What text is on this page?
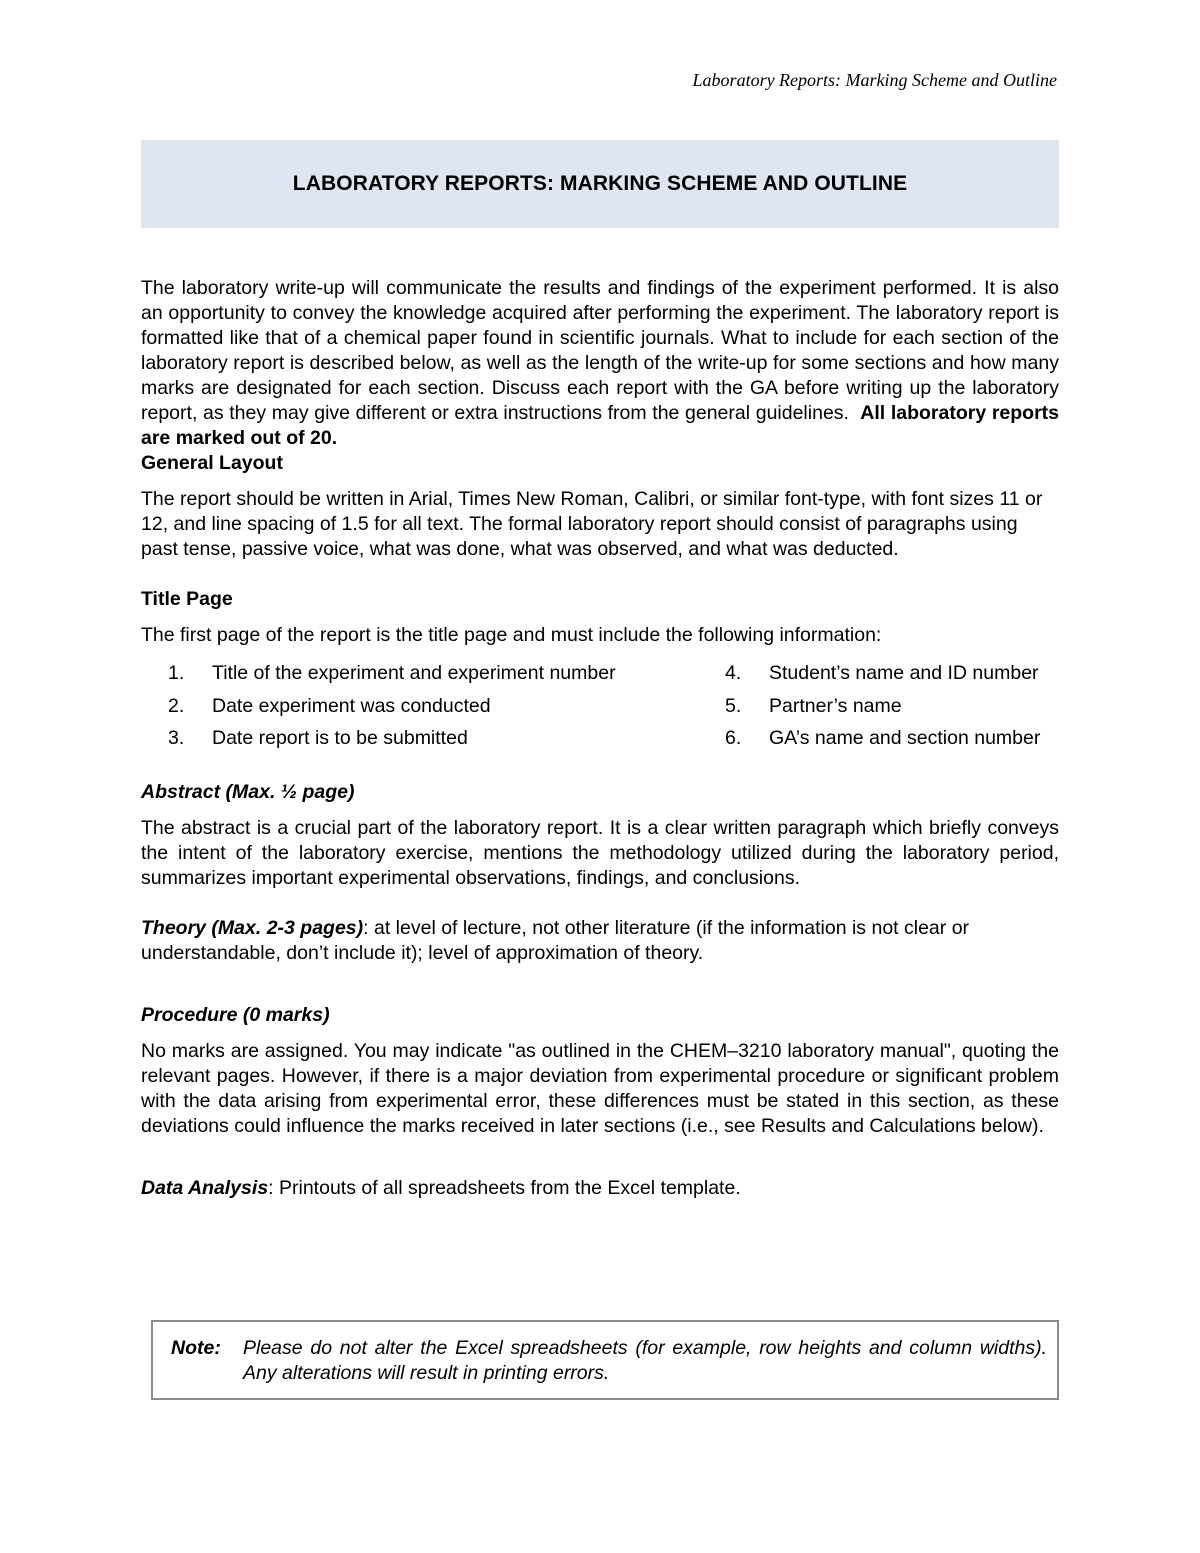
Laboratory Reports: Marking Scheme and Outline
LABORATORY REPORTS: MARKING SCHEME AND OUTLINE

The laboratory write-up will communicate the results and findings of the experiment performed. It is also an opportunity to convey the knowledge acquired after performing the experiment. The laboratory report is formatted like that of a chemical paper found in scientific journals. What to include for each section of the laboratory report is described below, as well as the length of the write-up for some sections and how many marks are designated for each section. Discuss each report with the GA before writing up the laboratory report, as they may give different or extra instructions from the general guidelines. All laboratory reports are marked out of 20.

General Layout

The report should be written in Arial, Times New Roman, Calibri, or similar font-type, with font sizes 11 or 12, and line spacing of 1.5 for all text. The formal laboratory report should consist of paragraphs using past tense, passive voice, what was done, what was observed, and what was deducted.

Title Page

The first page of the report is the title page and must include the following information:

1.	Title of the experiment and experiment number
2.	Date experiment was conducted
3.	Date report is to be submitted
4.	Student’s name and ID number
5.	Partner’s name
6.	GA’s name and section number
Abstract (Max. ½ page)

The abstract is a crucial part of the laboratory report. It is a clear written paragraph which briefly conveys the intent of the laboratory exercise, mentions the methodology utilized during the laboratory period, summarizes important experimental observations, findings, and conclusions.

Theory (Max. 2-3 pages): at level of lecture, not other literature (if the information is not clear or understandable, don’t include it); level of approximation of theory.

Procedure (0 marks)

No marks are assigned. You may indicate "as outlined in the CHEM–3210 laboratory manual", quoting the relevant pages. However, if there is a major deviation from experimental procedure or significant problem with the data arising from experimental error, these differences must be stated in this section, as these deviations could influence the marks received in later sections (i.e., see Results and Calculations below).

Data Analysis: Printouts of all spreadsheets from the Excel template.

Note:	Please do not alter the Excel spreadsheets (for example, row heights and column widths). Any alterations will result in printing errors.
